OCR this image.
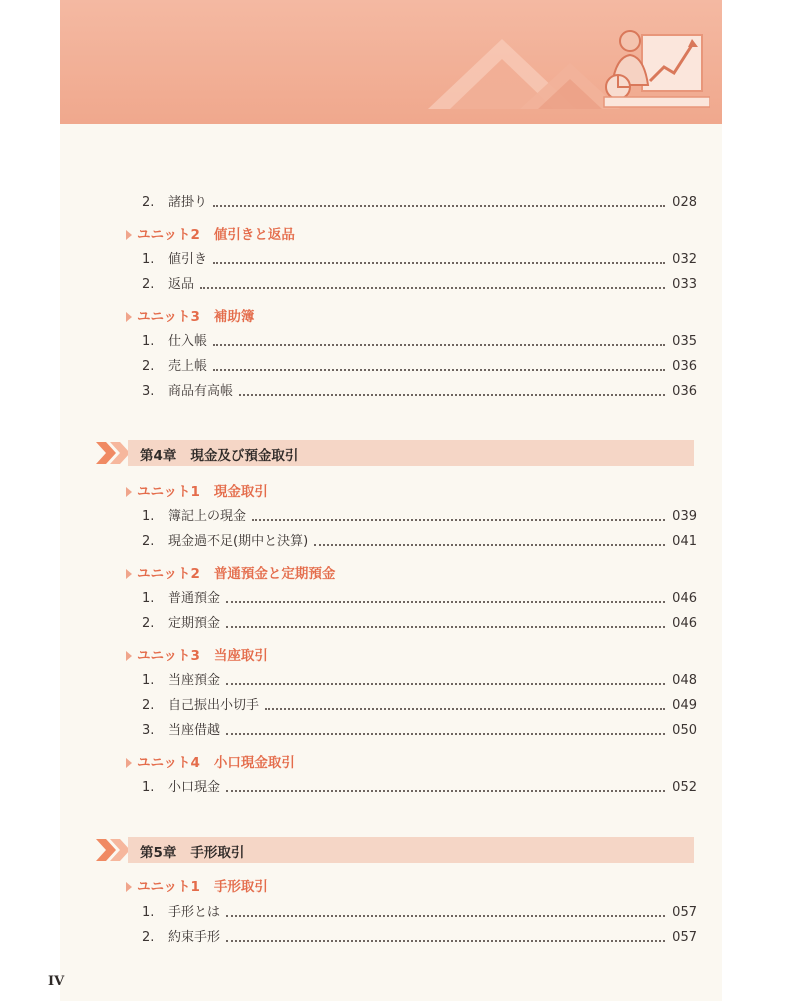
2.	諸掛り	028
ユニット2 値引きと返品
1.	値引き	032
2.	返品	033
ユニット3 補助簿
1.	仕入帳	035
2.	売上帳	036
3.	商品有高帳	036
第4章 現金及び預金取引
ユニット1 現金取引
1.	簿記上の現金	039
2.	現金過不足(期中と決算)	041
ユニット2 普通預金と定期預金
1.	普通預金	046
2.	定期預金	046
ユニット3 当座取引
1.	当座預金	048
2.	自己振出小切手	049
3.	当座借越	050
ユニット4 小口現金取引
1.	小口現金	052
第5章 手形取引
ユニット1 手形取引
1.	手形とは	057
2.	約束手形	057
IV
